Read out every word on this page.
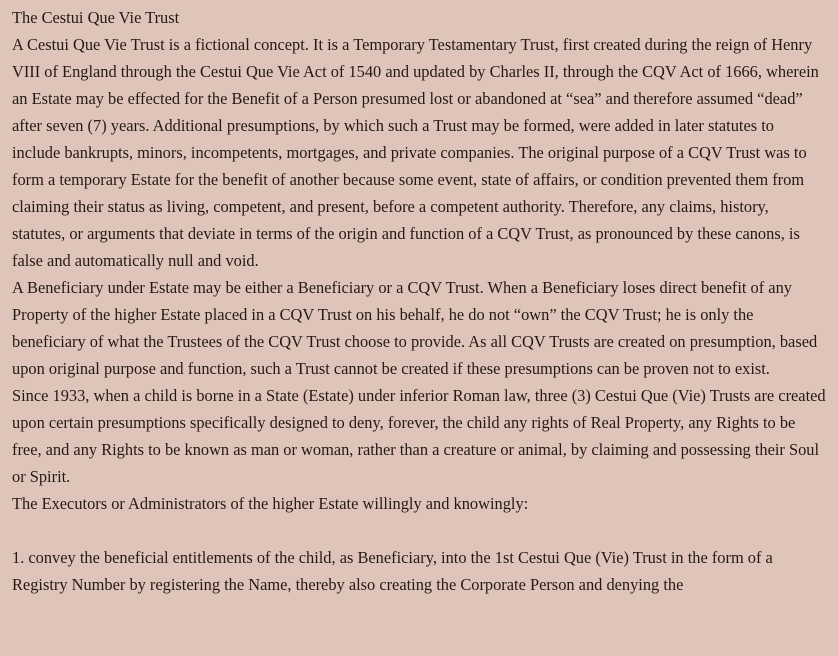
The Cestui Que Vie Trust

A Cestui Que Vie Trust is a fictional concept. It is a Temporary Testamentary Trust, first created during the reign of Henry VIII of England through the Cestui Que Vie Act of 1540 and updated by Charles II, through the CQV Act of 1666, wherein an Estate may be effected for the Benefit of a Person presumed lost or abandoned at “sea” and therefore assumed “dead” after seven (7) years. Additional presumptions, by which such a Trust may be formed, were added in later statutes to include bankrupts, minors, incompetents, mortgages, and private companies. The original purpose of a CQV Trust was to form a temporary Estate for the benefit of another because some event, state of affairs, or condition prevented them from claiming their status as living, competent, and present, before a competent authority. Therefore, any claims, history, statutes, or arguments that deviate in terms of the origin and function of a CQV Trust, as pronounced by these canons, is false and automatically null and void.

A Beneficiary under Estate may be either a Beneficiary or a CQV Trust. When a Beneficiary loses direct benefit of any Property of the higher Estate placed in a CQV Trust on his behalf, he do not “own” the CQV Trust; he is only the beneficiary of what the Trustees of the CQV Trust choose to provide. As all CQV Trusts are created on presumption, based upon original purpose and function, such a Trust cannot be created if these presumptions can be proven not to exist.

Since 1933, when a child is borne in a State (Estate) under inferior Roman law, three (3) Cestui Que (Vie) Trusts are created upon certain presumptions specifically designed to deny, forever, the child any rights of Real Property, any Rights to be free, and any Rights to be known as man or woman, rather than a creature or animal, by claiming and possessing their Soul or Spirit.

The Executors or Administrators of the higher Estate willingly and knowingly:

1. convey the beneficial entitlements of the child, as Beneficiary, into the 1st Cestui Que (Vie) Trust in the form of a Registry Number by registering the Name, thereby also creating the Corporate Person and denying the
